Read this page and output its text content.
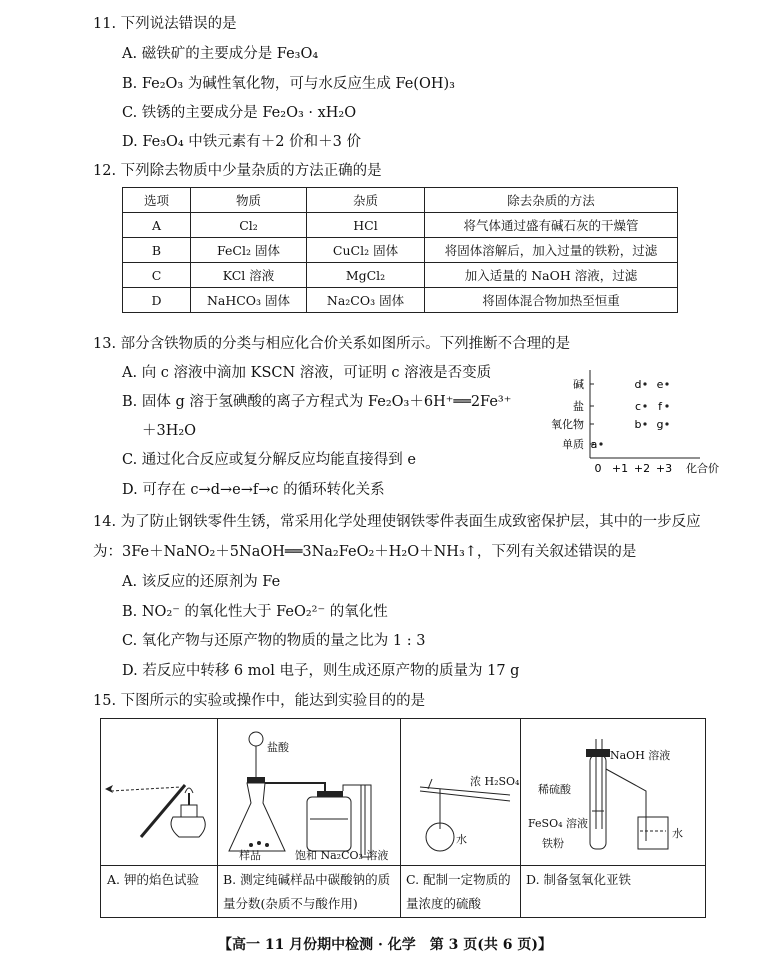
11. 下列说法错误的是
A. 磁铁矿的主要成分是 Fe₃O₄
B. Fe₂O₃ 为碱性氧化物，可与水反应生成 Fe(OH)₃
C. 铁锈的主要成分是 Fe₂O₃ · xH₂O
D. Fe₃O₄ 中铁元素有＋2 价和＋3 价
12. 下列除去物质中少量杂质的方法正确的是
选项	物质	杂质	除去杂质的方法
A	Cl₂	HCl	将气体通过盛有碱石灰的干燥管
B	FeCl₂ 固体	CuCl₂ 固体	将固体溶解后，加入过量的铁粉，过滤
C	KCl 溶液	MgCl₂	加入适量的 NaOH 溶液，过滤
D	NaHCO₃ 固体	Na₂CO₃ 固体	将固体混合物加热至恒重
13. 部分含铁物质的分类与相应化合价关系如图所示。下列推断不合理的是
A. 向 c 溶液中滴加 KSCN 溶液，可证明 c 溶液是否变质
B. 固体 g 溶于氢碘酸的离子方程式为 Fe₂O₃＋6H⁺══2Fe³⁺
＋3H₂O
C. 通过化合反应或复分解反应均能直接得到 e
D. 可存在 c→d→e→f→c 的循环转化关系
碱
盐
氧化物
单质
0 +1 +2 +3 化合价
d e
c f
b g
a
14. 为了防止钢铁零件生锈，常采用化学处理使钢铁零件表面生成致密保护层，其中的一步反应
为：3Fe＋NaNO₂＋5NaOH══3Na₂FeO₂＋H₂O＋NH₃↑，下列有关叙述错误的是
A. 该反应的还原剂为 Fe
B. NO₂⁻ 的氧化性大于 FeO₂²⁻ 的氧化性
C. 氧化产物与还原产物的物质的量之比为 1 : 3
D. 若反应中转移 6 mol 电子，则生成还原产物的质量为 17 g
15. 下图所示的实验或操作中，能达到实验目的的是
A. 钾的焰色试验
盐酸
样品	饱和 Na₂CO₃ 溶液
B. 测定纯碱样品中碳酸钠的质量分数(杂质不与酸作用)
浓 H₂SO₄
水
C. 配制一定物质的量浓度的硫酸
NaOH 溶液
稀硫酸
FeSO₄ 溶液
铁粉
水
D. 制备氢氧化亚铁
【高一 11 月份期中检测 · 化学　第 3 页(共 6 页)】
